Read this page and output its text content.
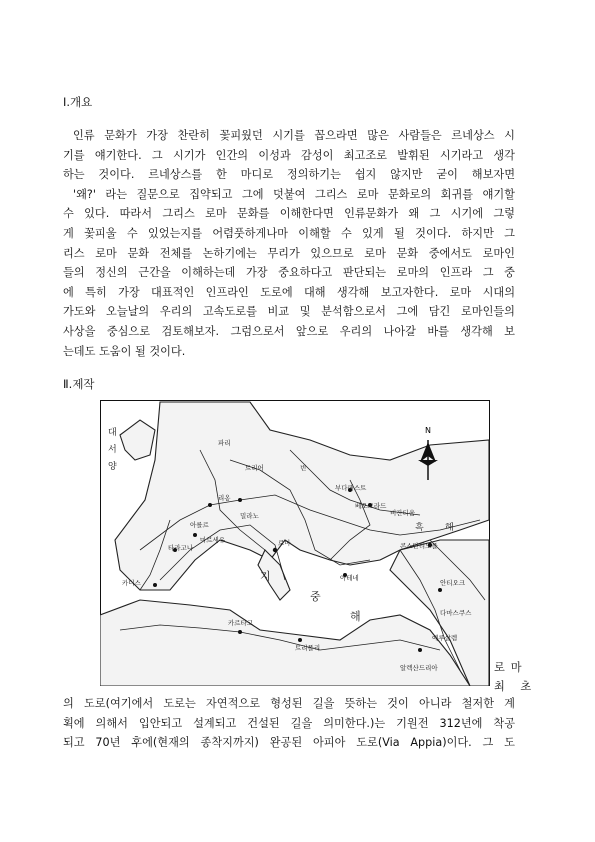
Ⅰ.개요
인류 문화가 가장 찬란히 꽃피웠던 시기를 꼽으라면 많은 사람들은 르네상스 시
기를 얘기한다. 그 시기가 인간의 이성과 감성이 최고조로 발휘된 시기라고 생각
하는 것이다. 르네상스를 한 마디로 정의하기는 쉽지 않지만 굳이 해보자면
'왜?' 라는 질문으로 집약되고 그에 덧붙여 그리스 로마 문화로의 회귀를 얘기할
수 있다. 따라서 그리스 로마 문화를 이해한다면 인류문화가 왜 그 시기에 그렇
게 꽃피울 수 있었는지를 어렴풋하게나마 이해할 수 있게 될 것이다. 하지만 그
리스 로마 문화 전체를 논하기에는 무리가 있으므로 로마 문화 중에서도 로마인
들의 정신의 근간을 이해하는데 가장 중요하다고 판단되는 로마의 인프라 그 중
에 특히 가장 대표적인 인프라인 도로에 대해 생각해 보고자한다. 로마 시대의
가도와 오늘날의 우리의 고속도로를 비교 및 분석함으로서 그에 담긴 로마인들의
사상을 중심으로 검토해보자. 그럼으로서 앞으로 우리의 나아갈 바를 생각해 보
는데도 도움이 될 것이다.
Ⅱ.제작
N
대
서
양
흑 해
지
중
해
파리
트리어
리옹
밀라노
아를르
마르세유	로마
타라고나
카디스
카르타고
트리폴리
알렉산드리아
비잔티움
부다페스트
베오그라드
콘스탄티노플
아테네
안티오크
다마스쿠스
예루살렘
빈
로마
최 초
의 도로(여기에서 도로는 자연적으로 형성된 길을 뜻하는 것이 아니라 철저한 계
획에 의해서 입안되고 설계되고 건설된 길을 의미한다.)는 기원전 312년에 착공
되고 70년 후에(현재의 종착지까지) 완공된 아피아 도로(Via Appia)이다. 그 도
